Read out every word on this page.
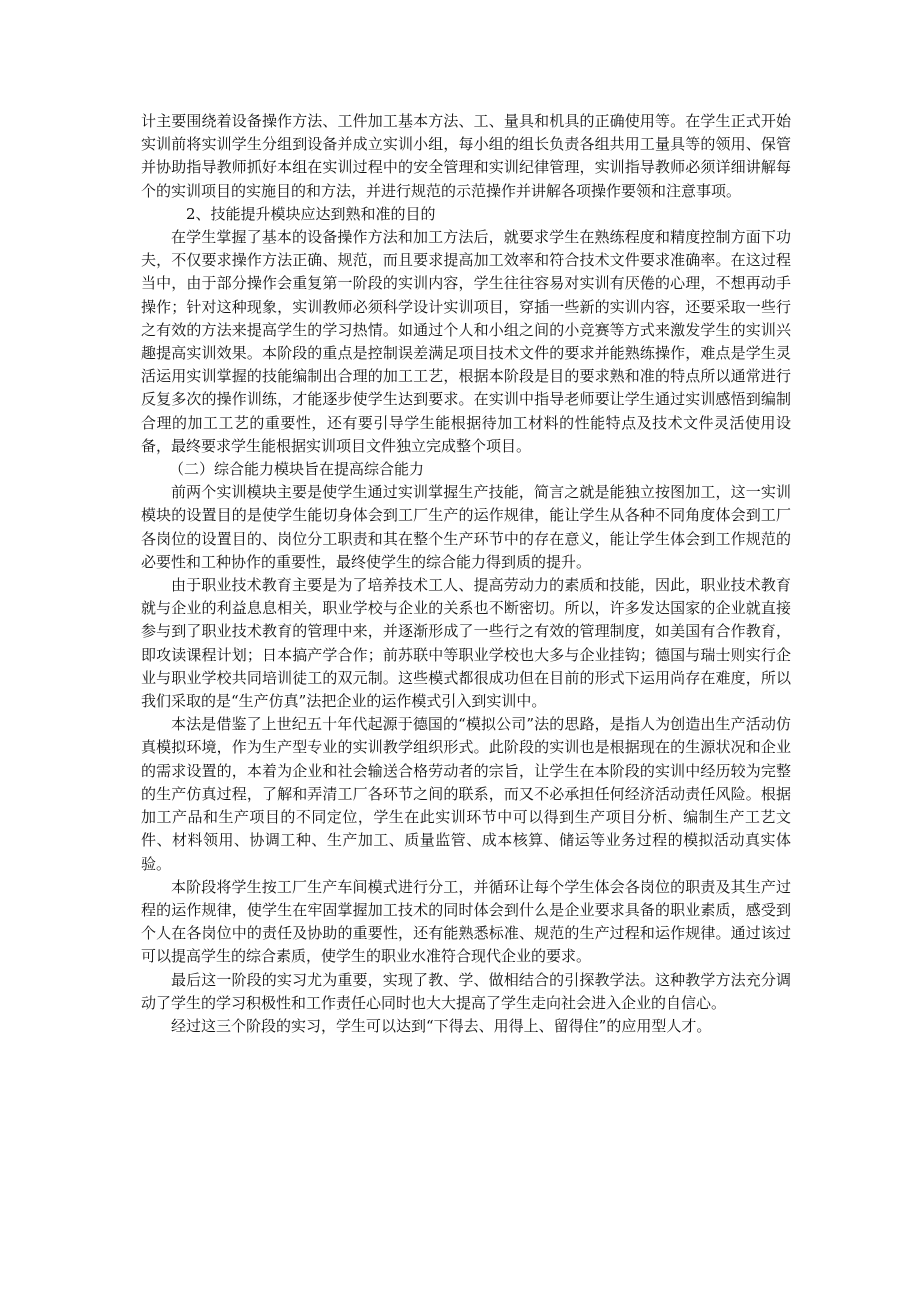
计主要围绕着设备操作方法、工件加工基本方法、工、量具和机具的正确使用等。在学生正式开始实训前将实训学生分组到设备并成立实训小组，每小组的组长负责各组共用工量具等的领用、保管并协助指导教师抓好本组在实训过程中的安全管理和实训纪律管理，实训指导教师必须详细讲解每个的实训项目的实施目的和方法，并进行规范的示范操作并讲解各项操作要领和注意事项。

2、技能提升模块应达到熟和准的目的

在学生掌握了基本的设备操作方法和加工方法后，就要求学生在熟练程度和精度控制方面下功夫，不仅要求操作方法正确、规范，而且要求提高加工效率和符合技术文件要求准确率。在这过程当中，由于部分操作会重复第一阶段的实训内容，学生往往容易对实训有厌倦的心理，不想再动手操作；针对这种现象，实训教师必须科学设计实训项目，穿插一些新的实训内容，还要采取一些行之有效的方法来提高学生的学习热情。如通过个人和小组之间的小竞赛等方式来激发学生的实训兴趣提高实训效果。本阶段的重点是控制误差满足项目技术文件的要求并能熟练操作，难点是学生灵活运用实训掌握的技能编制出合理的加工工艺，根据本阶段是目的要求熟和准的特点所以通常进行反复多次的操作训练，才能逐步使学生达到要求。在实训中指导老师要让学生通过实训感悟到编制合理的加工工艺的重要性，还有要引导学生能根据待加工材料的性能特点及技术文件灵活使用设备，最终要求学生能根据实训项目文件独立完成整个项目。

（二）综合能力模块旨在提高综合能力

前两个实训模块主要是使学生通过实训掌握生产技能，简言之就是能独立按图加工，这一实训模块的设置目的是使学生能切身体会到工厂生产的运作规律，能让学生从各种不同角度体会到工厂各岗位的设置目的、岗位分工职责和其在整个生产环节中的存在意义，能让学生体会到工作规范的必要性和工种协作的重要性，最终使学生的综合能力得到质的提升。

由于职业技术教育主要是为了培养技术工人、提高劳动力的素质和技能，因此，职业技术教育就与企业的利益息息相关，职业学校与企业的关系也不断密切。所以，许多发达国家的企业就直接参与到了职业技术教育的管理中来，并逐渐形成了一些行之有效的管理制度，如美国有合作教育，即攻读课程计划；日本搞产学合作；前苏联中等职业学校也大多与企业挂钩；德国与瑞士则实行企业与职业学校共同培训徒工的双元制。这些模式都很成功但在目前的形式下运用尚存在难度，所以我们采取的是“生产仿真”法把企业的运作模式引入到实训中。

本法是借鉴了上世纪五十年代起源于德国的“模拟公司”法的思路，是指人为创造出生产活动仿真模拟环境，作为生产型专业的实训教学组织形式。此阶段的实训也是根据现在的生源状况和企业的需求设置的，本着为企业和社会输送合格劳动者的宗旨，让学生在本阶段的实训中经历较为完整的生产仿真过程，了解和弄清工厂各环节之间的联系，而又不必承担任何经济活动责任风险。根据加工产品和生产项目的不同定位，学生在此实训环节中可以得到生产项目分析、编制生产工艺文件、材料领用、协调工种、生产加工、质量监管、成本核算、储运等业务过程的模拟活动真实体验。

本阶段将学生按工厂生产车间模式进行分工，并循环让每个学生体会各岗位的职责及其生产过程的运作规律，使学生在牢固掌握加工技术的同时体会到什么是企业要求具备的职业素质，感受到个人在各岗位中的责任及协助的重要性，还有能熟悉标准、规范的生产过程和运作规律。通过该过可以提高学生的综合素质，使学生的职业水准符合现代企业的要求。

最后这一阶段的实习尤为重要，实现了教、学、做相结合的引探教学法。这种教学方法充分调动了学生的学习积极性和工作责任心同时也大大提高了学生走向社会进入企业的自信心。

经过这三个阶段的实习，学生可以达到“下得去、用得上、留得住”的应用型人才。
